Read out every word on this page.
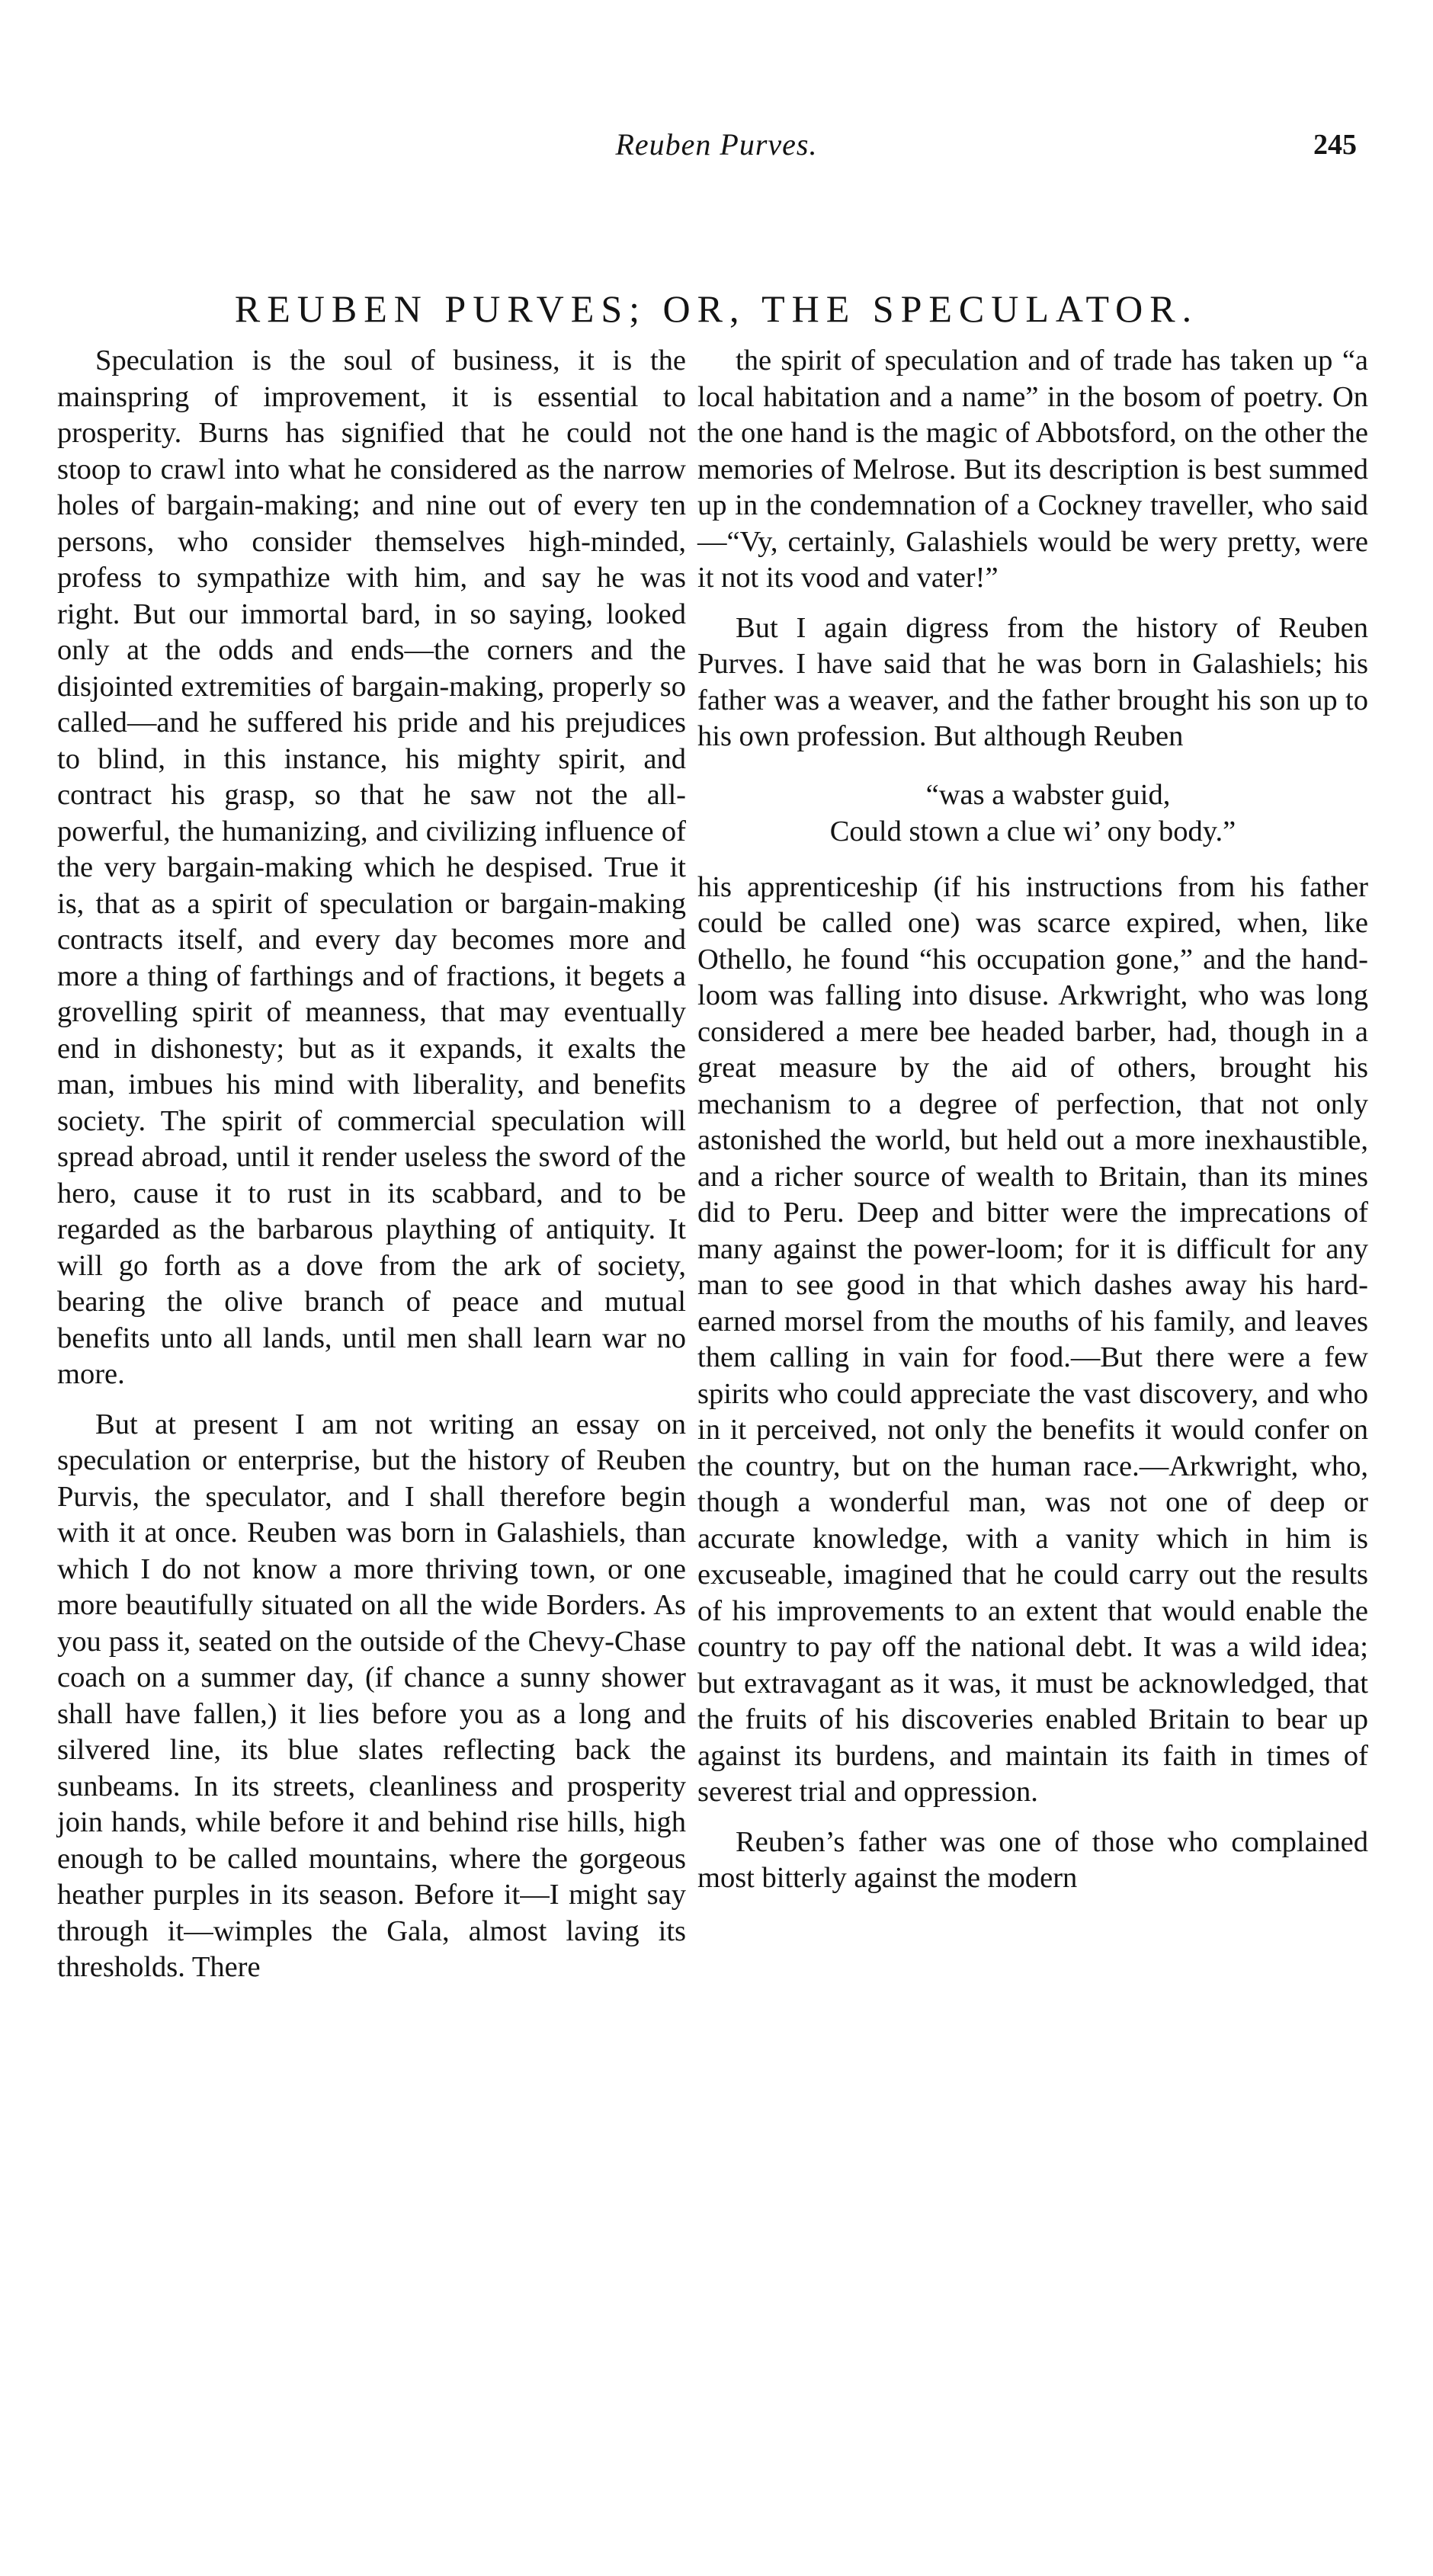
Reuben Purves.	245
REUBEN PURVES; OR, THE SPECULATOR.

Speculation is the soul of business, it is the mainspring of improvement, it is essential to prosperity. Burns has signified that he could not stoop to crawl into what he considered as the narrow holes of bargain-making; and nine out of every ten persons, who consider themselves high-minded, profess to sympathize with him, and say he was right. But our immortal bard, in so saying, looked only at the odds and ends—the corners and the disjointed extremities of bargain-making, properly so called—and he suffered his pride and his prejudices to blind, in this instance, his mighty spirit, and contract his grasp, so that he saw not the all-powerful, the humanizing, and civilizing influence of the very bargain-making which he despised. True it is, that as a spirit of speculation or bargain-making contracts itself, and every day becomes more and more a thing of farthings and of fractions, it begets a grovelling spirit of meanness, that may eventually end in dishonesty; but as it expands, it exalts the man, imbues his mind with liberality, and benefits society. The spirit of commercial speculation will spread abroad, until it render useless the sword of the hero, cause it to rust in its scabbard, and to be regarded as the barbarous plaything of antiquity. It will go forth as a dove from the ark of society, bearing the olive branch of peace and mutual benefits unto all lands, until men shall learn war no more.

But at present I am not writing an essay on speculation or enterprise, but the history of Reuben Purvis, the speculator, and I shall therefore begin with it at once. Reuben was born in Galashiels, than which I do not know a more thriving town, or one more beautifully situated on all the wide Borders. As you pass it, seated on the outside of the Chevy-Chase coach on a summer day, (if chance a sunny shower shall have fallen,) it lies before you as a long and silvered line, its blue slates reflecting back the sunbeams. In its streets, cleanliness and prosperity join hands, while before it and behind rise hills, high enough to be called mountains, where the gorgeous heather purples in its season. Before it—I might say through it—wimples the Gala, almost laving its thresholds. There

the spirit of speculation and of trade has taken up “a local habitation and a name” in the bosom of poetry. On the one hand is the magic of Abbotsford, on the other the memories of Melrose. But its description is best summed up in the condemnation of a Cockney traveller, who said—“Vy, certainly, Galashiels would be wery pretty, were it not its vood and vater!”

But I again digress from the history of Reuben Purves. I have said that he was born in Galashiels; his father was a weaver, and the father brought his son up to his own profession. But although Reuben

“was a wabster guid,
Could stown a clue wi’ ony body.”

his apprenticeship (if his instructions from his father could be called one) was scarce expired, when, like Othello, he found “his occupation gone,” and the hand-loom was falling into disuse. Arkwright, who was long considered a mere bee headed barber, had, though in a great measure by the aid of others, brought his mechanism to a degree of perfection, that not only astonished the world, but held out a more inexhaustible, and a richer source of wealth to Britain, than its mines did to Peru. Deep and bitter were the imprecations of many against the power-loom; for it is difficult for any man to see good in that which dashes away his hard-earned morsel from the mouths of his family, and leaves them calling in vain for food.—But there were a few spirits who could appreciate the vast discovery, and who in it perceived, not only the benefits it would confer on the country, but on the human race.—Arkwright, who, though a wonderful man, was not one of deep or accurate knowledge, with a vanity which in him is excuseable, imagined that he could carry out the results of his improvements to an extent that would enable the country to pay off the national debt. It was a wild idea; but extravagant as it was, it must be acknowledged, that the fruits of his discoveries enabled Britain to bear up against its burdens, and maintain its faith in times of severest trial and oppression.

Reuben’s father was one of those who complained most bitterly against the modern
